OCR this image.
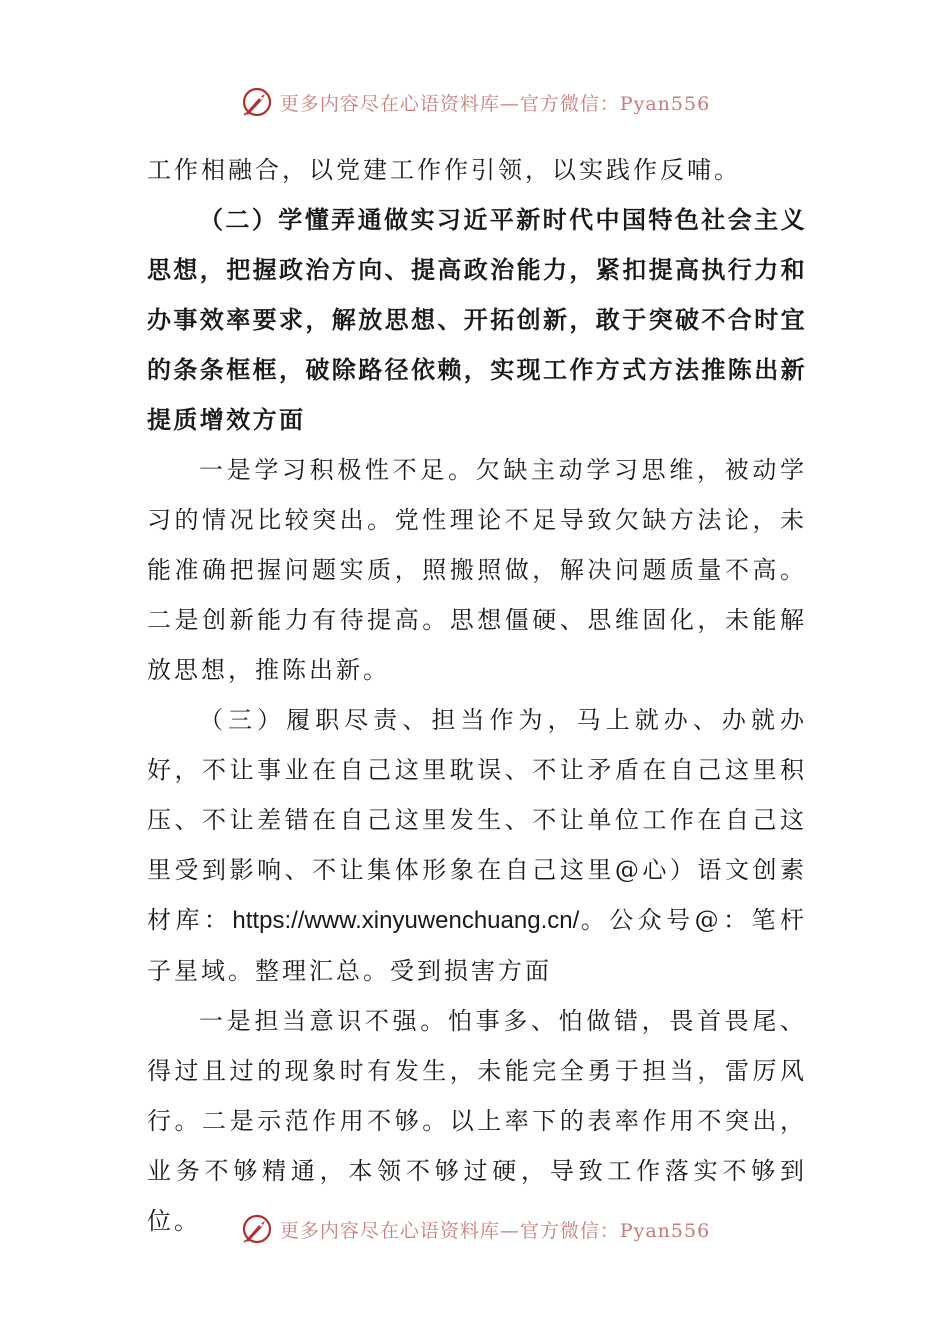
更多内容尽在心语资料库—官方微信：Pyan556

工作相融合，以党建工作作引领，以实践作反哺。

（二）学懂弄通做实习近平新时代中国特色社会主义思想，把握政治方向、提高政治能力，紧扣提高执行力和办事效率要求，解放思想、开拓创新，敢于突破不合时宜的条条框框，破除路径依赖，实现工作方式方法推陈出新提质增效方面

一是学习积极性不足。欠缺主动学习思维，被动学习的情况比较突出。党性理论不足导致欠缺方法论，未能准确把握问题实质，照搬照做，解决问题质量不高。二是创新能力有待提高。思想僵硬、思维固化，未能解放思想，推陈出新。

（三）履职尽责、担当作为，马上就办、办就办好，不让事业在自己这里耽误、不让矛盾在自己这里积压、不让差错在自己这里发生、不让单位工作在自己这里受到影响、不让集体形象在自己这里@心）语文创素材库：https://www.xinyuwenchuang.cn/。公众号@：笔杆子星域。整理汇总。受到损害方面

一是担当意识不强。怕事多、怕做错，畏首畏尾、得过且过的现象时有发生，未能完全勇于担当，雷厉风行。二是示范作用不够。以上率下的表率作用不突出，业务不够精通，本领不够过硬，导致工作落实不够到位。	更多内容尽在心语资料库—官方微信：Pyan556
